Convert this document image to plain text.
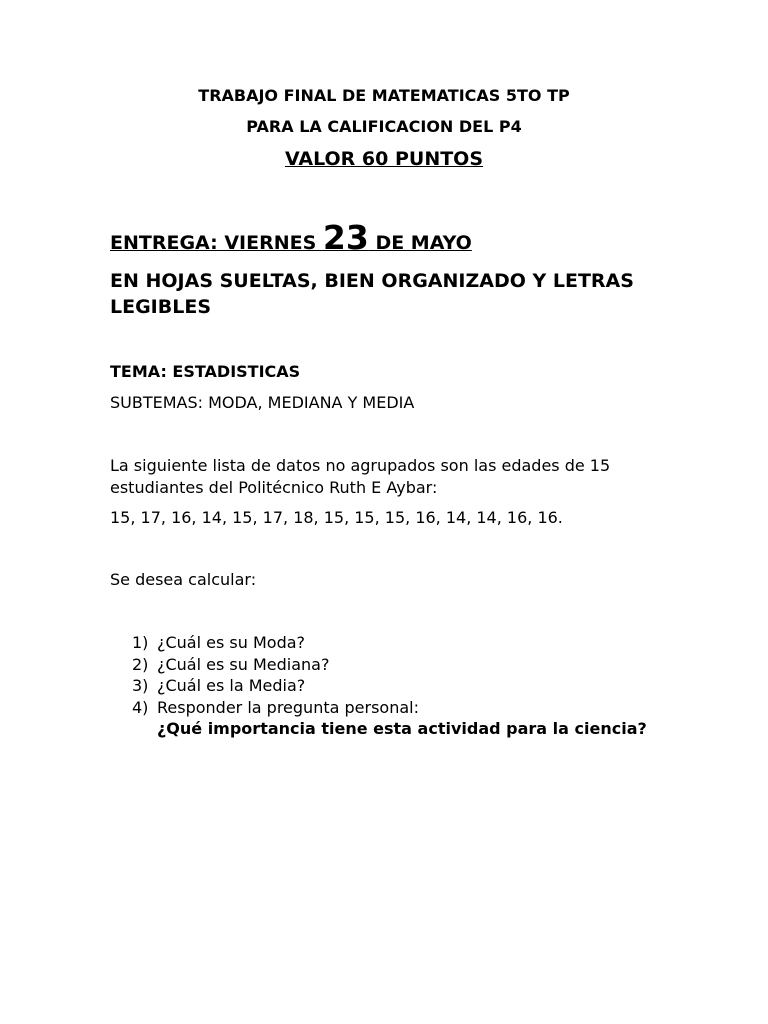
TRABAJO FINAL DE MATEMATICAS 5TO TP
PARA LA CALIFICACION DEL P4
VALOR 60 PUNTOS
ENTREGA: VIERNES 23 DE MAYO
EN HOJAS SUELTAS, BIEN ORGANIZADO Y LETRAS LEGIBLES
TEMA: ESTADISTICAS
SUBTEMAS: MODA, MEDIANA Y MEDIA
La siguiente lista de datos no agrupados son las edades de 15 estudiantes del Politécnico Ruth E Aybar:
15, 17, 16, 14, 15, 17, 18, 15, 15, 15, 16, 14, 14, 16, 16.
Se desea calcular:
1) ¿Cuál es su Moda?
2) ¿Cuál es su Mediana?
3) ¿Cuál es la Media?
4) Responder la pregunta personal:
¿Qué importancia tiene esta actividad para la ciencia?
